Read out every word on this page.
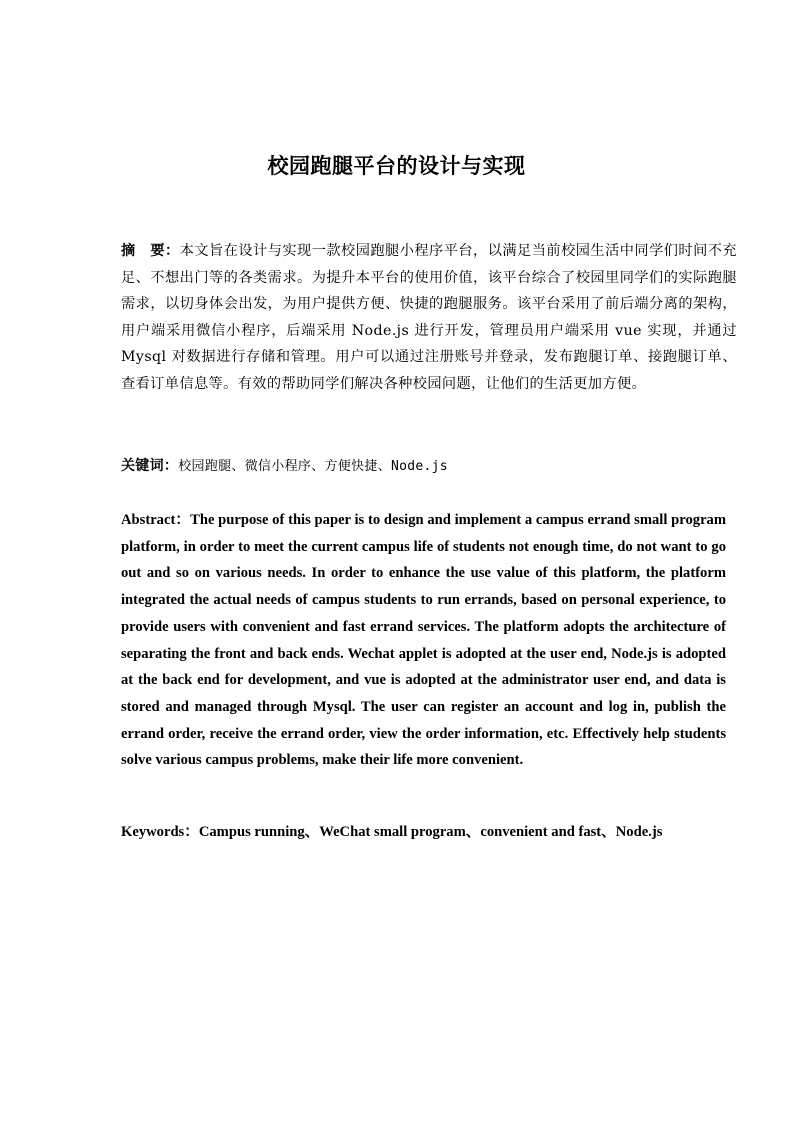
校园跑腿平台的设计与实现
摘　要：本文旨在设计与实现一款校园跑腿小程序平台，以满足当前校园生活中同学们时间不充足、不想出门等的各类需求。为提升本平台的使用价值，该平台综合了校园里同学们的实际跑腿需求，以切身体会出发，为用户提供方便、快捷的跑腿服务。该平台采用了前后端分离的架构，用户端采用微信小程序，后端采用 Node.js 进行开发，管理员用户端采用 vue 实现，并通过 Mysql 对数据进行存储和管理。用户可以通过注册账号并登录，发布跑腿订单、接跑腿订单、查看订单信息等。有效的帮助同学们解决各种校园问题，让他们的生活更加方便。
关键词：校园跑腿、微信小程序、方便快捷、Node.js
Abstract：The purpose of this paper is to design and implement a campus errand small program platform, in order to meet the current campus life of students not enough time, do not want to go out and so on various needs. In order to enhance the use value of this platform, the platform integrated the actual needs of campus students to run errands, based on personal experience, to provide users with convenient and fast errand services. The platform adopts the architecture of separating the front and back ends. Wechat applet is adopted at the user end, Node.js is adopted at the back end for development, and vue is adopted at the administrator user end, and data is stored and managed through Mysql. The user can register an account and log in, publish the errand order, receive the errand order, view the order information, etc. Effectively help students solve various campus problems, make their life more convenient.
Keywords：Campus running、WeChat small program、convenient and fast、Node.js
